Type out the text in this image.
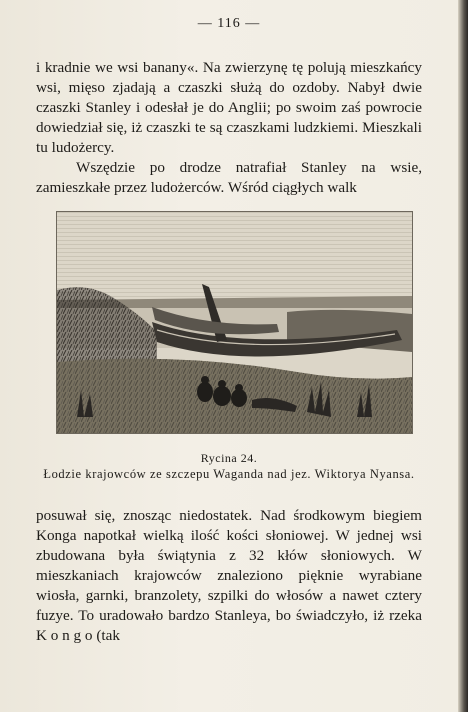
— 116 —
i kradnie we wsi banany«. Na zwierzynę tę polują mieszkańcy wsi, mięso zjadają a czaszki służą do ozdoby. Nabył dwie czaszki Stanley i odesłał je do Anglii; po swoim zaś powrocie dowiedział się, iż czaszki te są czaszkami ludzkiemi. Mieszkali tu ludożercy.
Wszędzie po drodze natrafiał Stanley na wsie, zamieszkałe przez ludożerców. Wśród ciągłych walk
Rycina 24.
Łodzie krajowców ze szczepu Waganda nad jez. Wiktorya Nyansa.
posuwał się, znosząc niedostatek. Nad środkowym biegiem Konga napotkał wielką ilość kości słoniowej. W jednej wsi zbudowana była świątynia z 32 kłów słoniowych. W mieszkaniach krajowców znaleziono pięknie wyrabiane wiosła, garnki, branzolety, szpilki do włosów a nawet cztery fuzye. To uradowało bardzo Stanleya, bo świadczyło, iż rzeka K o n g o (tak
